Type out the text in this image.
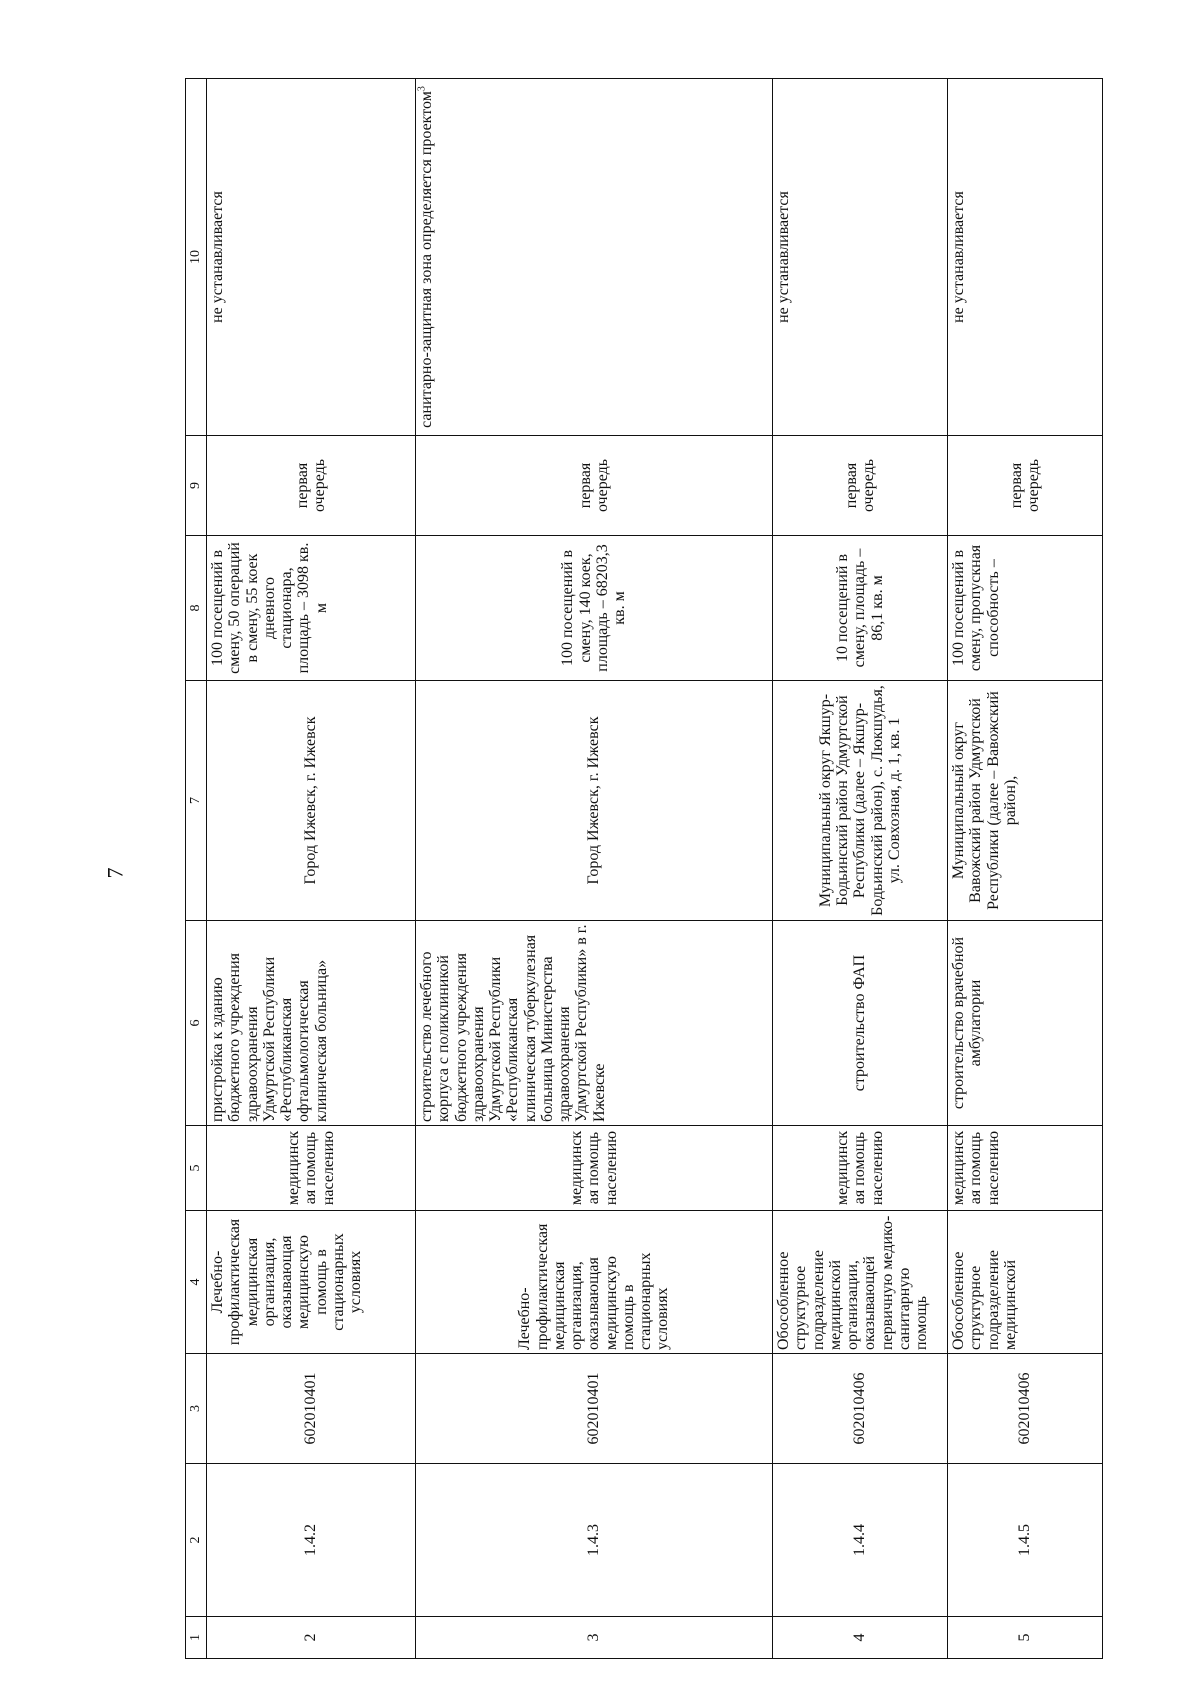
7
1	2	3	4	5	6	7	8	9	10
2	1.4.2	602010401	Лечебно-профилактическая медицинская организация, оказывающая медицинскую помощь в стационарных условиях	медицинская помощь населению	пристройка к зданию бюджетного учреждения здравоохранения Удмуртской Республики «Республиканская офтальмологическая клиническая больница»	Город Ижевск, г. Ижевск	100 посещений в смену, 50 операций в смену, 55 коек дневного стационара, площадь – 3098 кв. м	первая очередь	не устанавливается
3	1.4.3	602010401	Лечебно-профилактическая медицинская организация, оказывающая медицинскую помощь в стационарных условиях	медицинская помощь населению	строительство лечебного корпуса с поликлиникой бюджетного учреждения здравоохранения Удмуртской Республики «Республиканская клиническая туберкулезная больница Министерства здравоохранения Удмуртской Республики» в г. Ижевске	Город Ижевск, г. Ижевск	100 посещений в смену, 140 коек, площадь – 68203,3 кв. м	первая очередь	санитарно-защитная зона определяется проектом$^3$
4	1.4.4	602010406	Обособленное структурное подразделение медицинской организации, оказывающей первичную медико-санитарную помощь	медицинская помощь населению	строительство ФАП	Муниципальный округ Якшур-Бодьинский район Удмуртской Республики (далее – Якшур-Бодьинский район), с. Люкшудья, ул. Совхозная, д. 1, кв. 1	10 посещений в смену, площадь – 86,1 кв. м	первая очередь	не устанавливается
5	1.4.5	602010406	Обособленное структурное подразделение медицинской	медицинская помощь населению	строительство врачебной амбулатории	Муниципальный округ Вавожский район Удмуртской Республики (далее – Вавожский район),	100 посещений в смену, пропускная способность –	первая очередь	не устанавливается
